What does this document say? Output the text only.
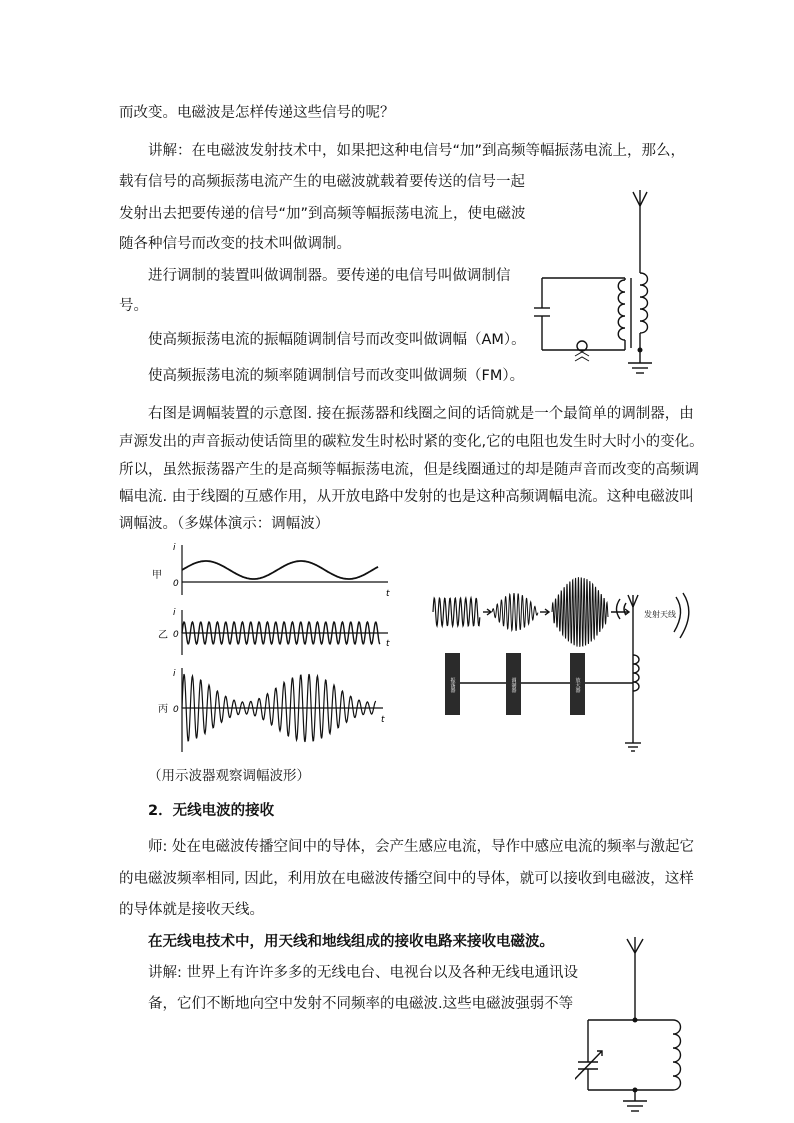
而改变。电磁波是怎样传递这些信号的呢？
讲解：在电磁波发射技术中，如果把这种电信号“加”到高频等幅振荡电流上，那么，
载有信号的高频振荡电流产生的电磁波就载着要传送的信号一起
发射出去把要传递的信号“加”到高频等幅振荡电流上，使电磁波
随各种信号而改变的技术叫做调制。
进行调制的装置叫做调制器。要传递的电信号叫做调制信
号。
使高频振荡电流的振幅随调制信号而改变叫做调幅（AM）。
使高频振荡电流的频率随调制信号而改变叫做调频（FM）。
右图是调幅装置的示意图. 接在振荡器和线圈之间的话筒就是一个最简单的调制器，由
声源发出的声音振动使话筒里的碳粒发生时松时紧的变化,它的电阻也发生时大时小的变化。
所以，虽然振荡器产生的是高频等幅振荡电流，但是线圈通过的却是随声音而改变的高频调
幅电流. 由于线圈的互感作用，从开放电路中发射的也是这种高频调幅电流。这种电磁波叫
调幅波。（多媒体演示：调幅波）
（用示波器观察调幅波形）
2．无线电波的接收
师: 处在电磁波传播空间中的导体，会产生感应电流，导作中感应电流的频率与激起它
的电磁波频率相同, 因此，利用放在电磁波传播空间中的导体，就可以接收到电磁波，这样
的导体就是接收天线。
在无线电技术中，用天线和地线组成的接收电路来接收电磁波。
讲解: 世界上有许许多多的无线电台、电视台以及各种无线电通讯设
备，它们不断地向空中发射不同频率的电磁波.这些电磁波强弱不等
甲
乙
丙
i
0
t
i
0
t
i
0
t
振荡器	调制器	放大器
发射天线
